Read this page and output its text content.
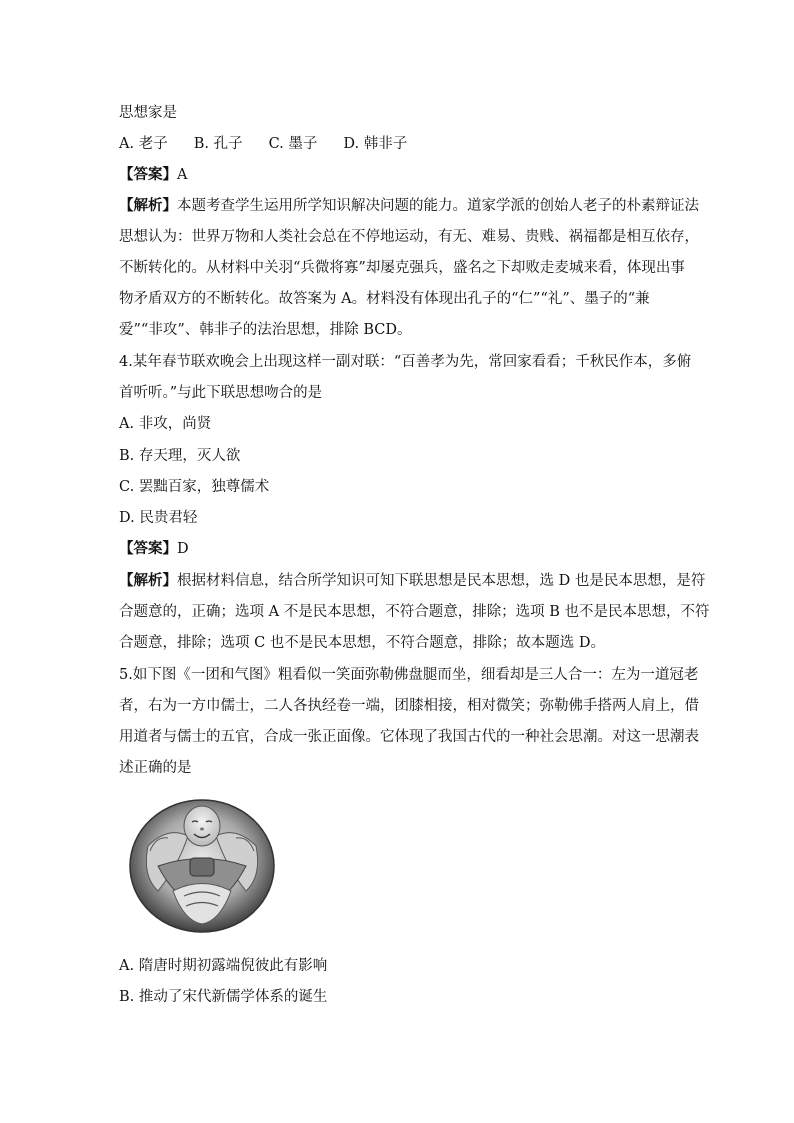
思想家是
A. 老子 B. 孔子 C. 墨子 D. 韩非子
【答案】A
【解析】本题考查学生运用所学知识解决问题的能力。道家学派的创始人老子的朴素辩证法
思想认为：世界万物和人类社会总在不停地运动，有无、难易、贵贱、祸福都是相互依存，
不断转化的。从材料中关羽“兵微将寡”却屡克强兵，盛名之下却败走麦城来看，体现出事
物矛盾双方的不断转化。故答案为 A。材料没有体现出孔子的“仁”“礼”、墨子的“兼
爱”“非攻”、韩非子的法治思想，排除 BCD。
4.某年春节联欢晚会上出现这样一副对联：“百善孝为先，常回家看看；千秋民作本，多俯
首听听。”与此下联思想吻合的是
A. 非攻，尚贤
B. 存天理，灭人欲
C. 罢黜百家，独尊儒术
D. 民贵君轻
【答案】D
【解析】根据材料信息，结合所学知识可知下联思想是民本思想，选 D 也是民本思想，是符
合题意的，正确；选项 A 不是民本思想，不符合题意，排除；选项 B 也不是民本思想，不符
合题意，排除；选项 C 也不是民本思想，不符合题意，排除；故本题选 D。
5.如下图《一团和气图》粗看似一笑面弥勒佛盘腿而坐，细看却是三人合一：左为一道冠老
者，右为一方巾儒士，二人各执经卷一端，团膝相接，相对微笑；弥勒佛手搭两人肩上，借
用道者与儒士的五官，合成一张正面像。它体现了我国古代的一种社会思潮。对这一思潮表
述正确的是
A. 隋唐时期初露端倪彼此有影响
B. 推动了宋代新儒学体系的诞生
